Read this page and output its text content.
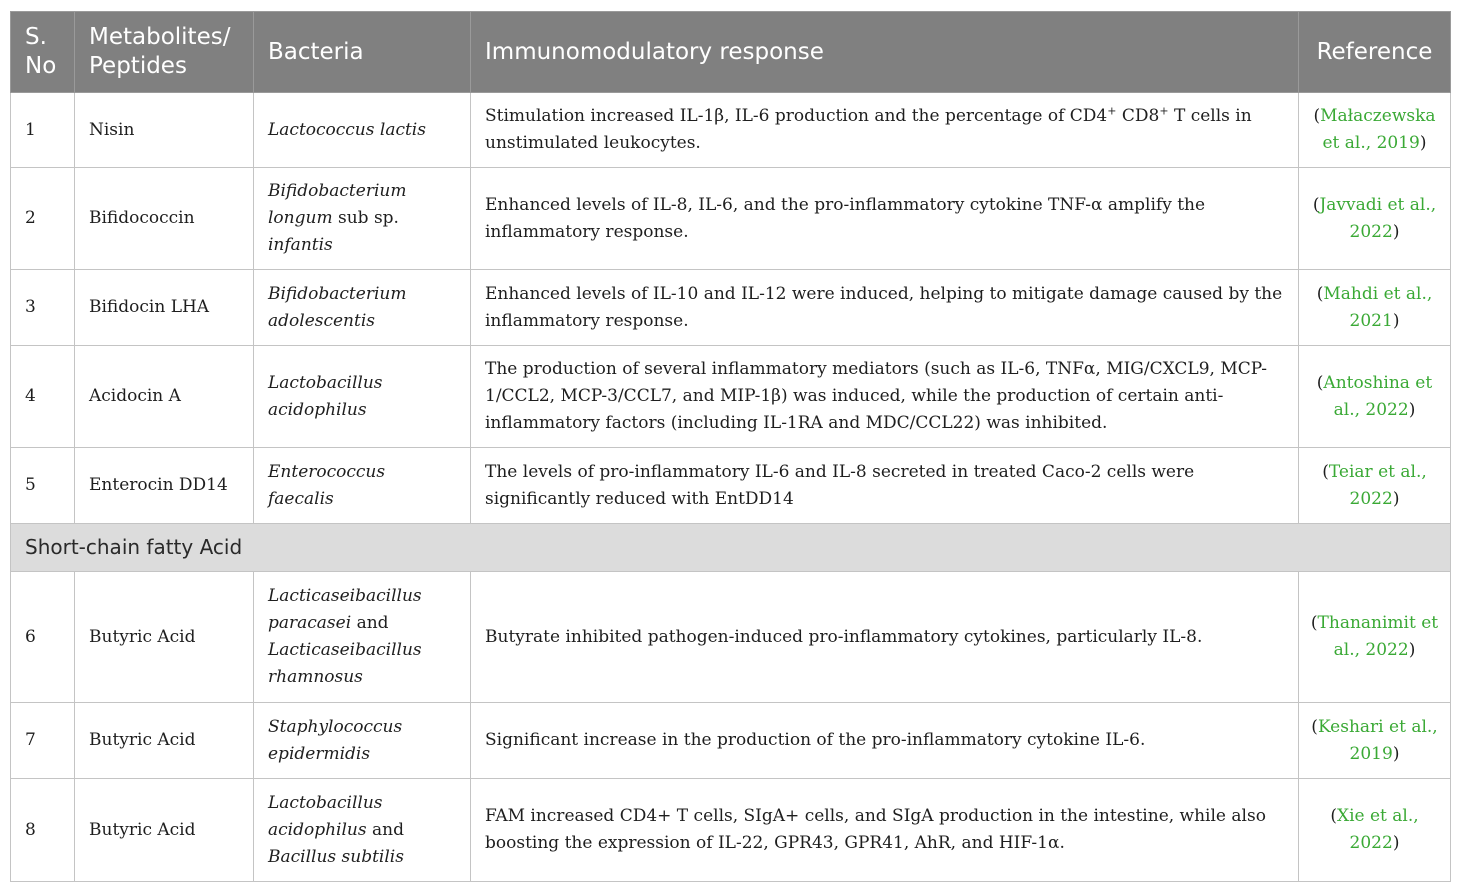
S. No	Metabolites/ Peptides	Bacteria	Immunomodulatory response	Reference
1	Nisin	Lactococcus lactis	Stimulation increased IL-1β, IL-6 production and the percentage of CD4+ CD8+ T cells in unstimulated leukocytes.	(Małaczewska et al., 2019)
2	Bifidococcin	Bifidobacterium longum sub sp. infantis	Enhanced levels of IL-8, IL-6, and the pro-inflammatory cytokine TNF-α amplify the inflammatory response.	(Javvadi et al., 2022)
3	Bifidocin LHA	Bifidobacterium adolescentis	Enhanced levels of IL-10 and IL-12 were induced, helping to mitigate damage caused by the inflammatory response.	(Mahdi et al., 2021)
4	Acidocin A	Lactobacillus acidophilus	The production of several inflammatory mediators (such as IL-6, TNFα, MIG/CXCL9, MCP-1/CCL2, MCP-3/CCL7, and MIP-1β) was induced, while the production of certain anti-inflammatory factors (including IL-1RA and MDC/CCL22) was inhibited.	(Antoshina et al., 2022)
5	Enterocin DD14	Enterococcus faecalis	The levels of pro-inflammatory IL-6 and IL-8 secreted in treated Caco-2 cells were significantly reduced with EntDD14	(Teiar et al., 2022)
Short-chain fatty Acid				
6	Butyric Acid	Lacticaseibacillus paracasei and Lacticaseibacillus rhamnosus	Butyrate inhibited pathogen-induced pro-inflammatory cytokines, particularly IL-8.	(Thananimit et al., 2022)
7	Butyric Acid	Staphylococcus epidermidis	Significant increase in the production of the pro-inflammatory cytokine IL-6.	(Keshari et al., 2019)
8	Butyric Acid	Lactobacillus acidophilus and Bacillus subtilis	FAM increased CD4+ T cells, SIgA+ cells, and SIgA production in the intestine, while also boosting the expression of IL-22, GPR43, GPR41, AhR, and HIF-1α.	(Xie et al., 2022)
